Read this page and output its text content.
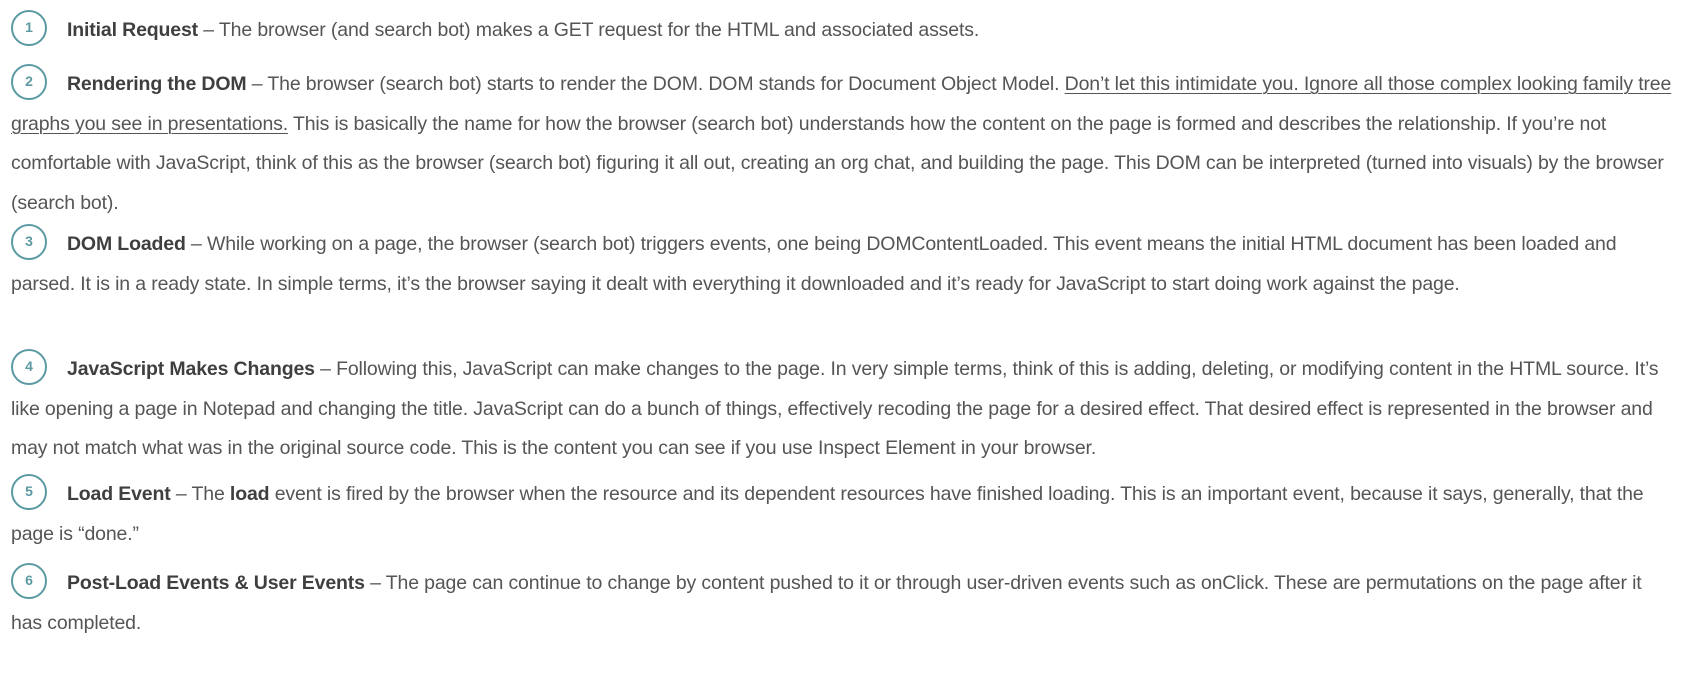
1 Initial Request – The browser (and search bot) makes a GET request for the HTML and associated assets.
2 Rendering the DOM – The browser (search bot) starts to render the DOM. DOM stands for Document Object Model. Don’t let this intimidate you. Ignore all those complex looking family tree graphs you see in presentations. This is basically the name for how the browser (search bot) understands how the content on the page is formed and describes the relationship. If you’re not comfortable with JavaScript, think of this as the browser (search bot) figuring it all out, creating an org chat, and building the page. This DOM can be interpreted (turned into visuals) by the browser (search bot).
3 DOM Loaded – While working on a page, the browser (search bot) triggers events, one being DOMContentLoaded. This event means the initial HTML document has been loaded and parsed. It is in a ready state. In simple terms, it’s the browser saying it dealt with everything it downloaded and it’s ready for JavaScript to start doing work against the page.
4 JavaScript Makes Changes – Following this, JavaScript can make changes to the page. In very simple terms, think of this is adding, deleting, or modifying content in the HTML source. It’s like opening a page in Notepad and changing the title. JavaScript can do a bunch of things, effectively recoding the page for a desired effect. That desired effect is represented in the browser and may not match what was in the original source code. This is the content you can see if you use Inspect Element in your browser.
5 Load Event – The load event is fired by the browser when the resource and its dependent resources have finished loading. This is an important event, because it says, generally, that the page is “done.”
6 Post-Load Events & User Events – The page can continue to change by content pushed to it or through user-driven events such as onClick. These are permutations on the page after it has completed.
